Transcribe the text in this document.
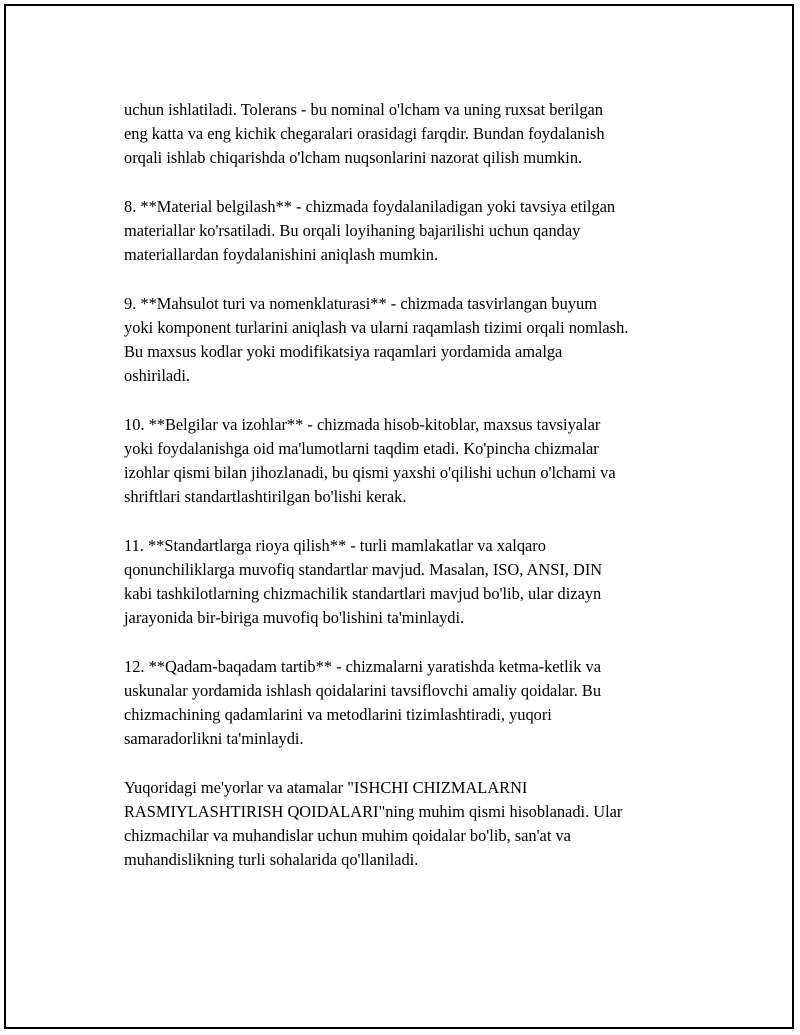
uchun ishlatiladi. Tolerans - bu nominal o'lcham va uning ruxsat berilgan
eng katta va eng kichik chegaralari orasidagi farqdir. Bundan foydalanish
orqali ishlab chiqarishda o'lcham nuqsonlarini nazorat qilish mumkin.

8. **Material belgilash** - chizmada foydalaniladigan yoki tavsiya etilgan
materiallar ko'rsatiladi. Bu orqali loyihaning bajarilishi uchun qanday
materiallardan foydalanishini aniqlash mumkin.

9. **Mahsulot turi va nomenklaturasi** - chizmada tasvirlangan buyum
yoki komponent turlarini aniqlash va ularni raqamlash tizimi orqali nomlash.
Bu maxsus kodlar yoki modifikatsiya raqamlari yordamida amalga
oshiriladi.

10. **Belgilar va izohlar** - chizmada hisob-kitoblar, maxsus tavsiyalar
yoki foydalanishga oid ma'lumotlarni taqdim etadi. Ko'pincha chizmalar
izohlar qismi bilan jihozlanadi, bu qismi yaxshi o'qilishi uchun o'lchami va
shriftlari standartlashtirilgan bo'lishi kerak.

11. **Standartlarga rioya qilish** - turli mamlakatlar va xalqaro
qonunchiliklarga muvofiq standartlar mavjud. Masalan, ISO, ANSI, DIN
kabi tashkilotlarning chizmachilik standartlari mavjud bo'lib, ular dizayn
jarayonida bir-biriga muvofiq bo'lishini ta'minlaydi.

12. **Qadam-baqadam tartib** - chizmalarni yaratishda ketma-ketlik va
uskunalar yordamida ishlash qoidalarini tavsiflovchi amaliy qoidalar. Bu
chizmachining qadamlarini va metodlarini tizimlashtiradi, yuqori
samaradorlikni ta'minlaydi.

Yuqoridagi me'yorlar va atamalar "ISHCHI CHIZMALARNI
RASMIYLASHTIRISH QOIDALARI"ning muhim qismi hisoblanadi. Ular
chizmachilar va muhandislar uchun muhim qoidalar bo'lib, san'at va
muhandislikning turli sohalarida qo'llaniladi.
